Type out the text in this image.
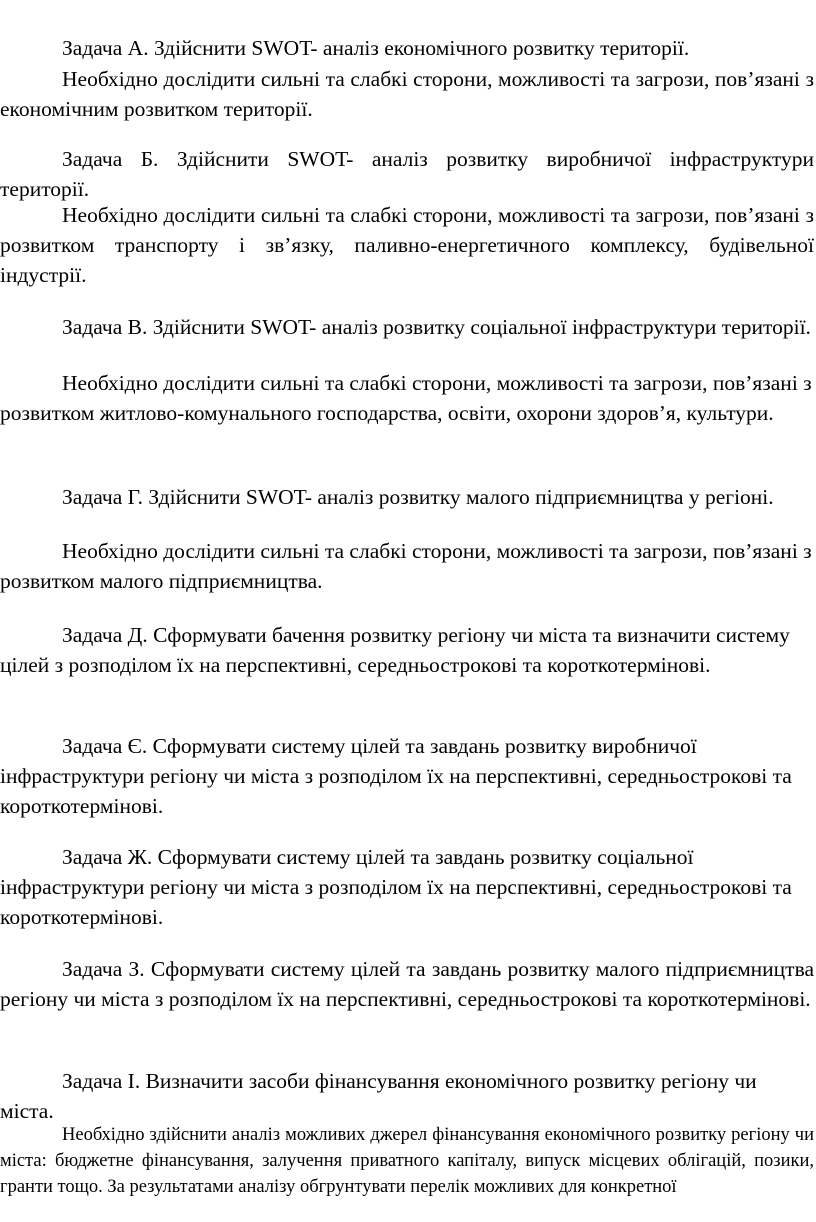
Задача А. Здійснити SWOT- аналіз економічного розвитку території.

Необхідно дослідити сильні та слабкі сторони, можливості та загрози, пов’язані з економічним розвитком території.

Задача Б. Здійснити SWOT- аналіз розвитку виробничої інфраструктури території.

Необхідно дослідити сильні та слабкі сторони, можливості та загрози, пов’язані з розвитком транспорту і зв’язку, паливно-енергетичного комплексу, будівельної індустрії.

Задача В. Здійснити SWOT- аналіз розвитку соціальної інфраструктури території.

Необхідно дослідити сильні та слабкі сторони, можливості та загрози, пов’язані з розвитком житлово-комунального господарства, освіти, охорони здоров’я, культури.

Задача Г. Здійснити SWOT- аналіз розвитку малого підприємництва у регіоні.

Необхідно дослідити сильні та слабкі сторони, можливості та загрози, пов’язані з розвитком малого підприємництва.

Задача Д. Сформувати бачення розвитку регіону чи міста та визначити систему цілей з розподілом їх на перспективні, середньострокові та короткотермінові.

Задача Є. Сформувати систему цілей та завдань розвитку виробничої інфраструктури регіону чи міста з розподілом їх на перспективні, середньострокові та короткотермінові.

Задача Ж. Сформувати систему цілей та завдань розвитку соціальної інфраструктури регіону чи міста з розподілом їх на перспективні, середньострокові та короткотермінові.

Задача З. Сформувати систему цілей та завдань розвитку малого підприємництва регіону чи міста з розподілом їх на перспективні, середньострокові та короткотермінові.

Задача І. Визначити засоби фінансування економічного розвитку регіону чи міста.

Необхідно здійснити аналіз можливих джерел фінансування економічного розвитку регіону чи міста: бюджетне фінансування, залучення приватного капіталу, випуск місцевих облігацій, позики, гранти тощо. За результатами аналізу обгрунтувати перелік можливих для конкретної
